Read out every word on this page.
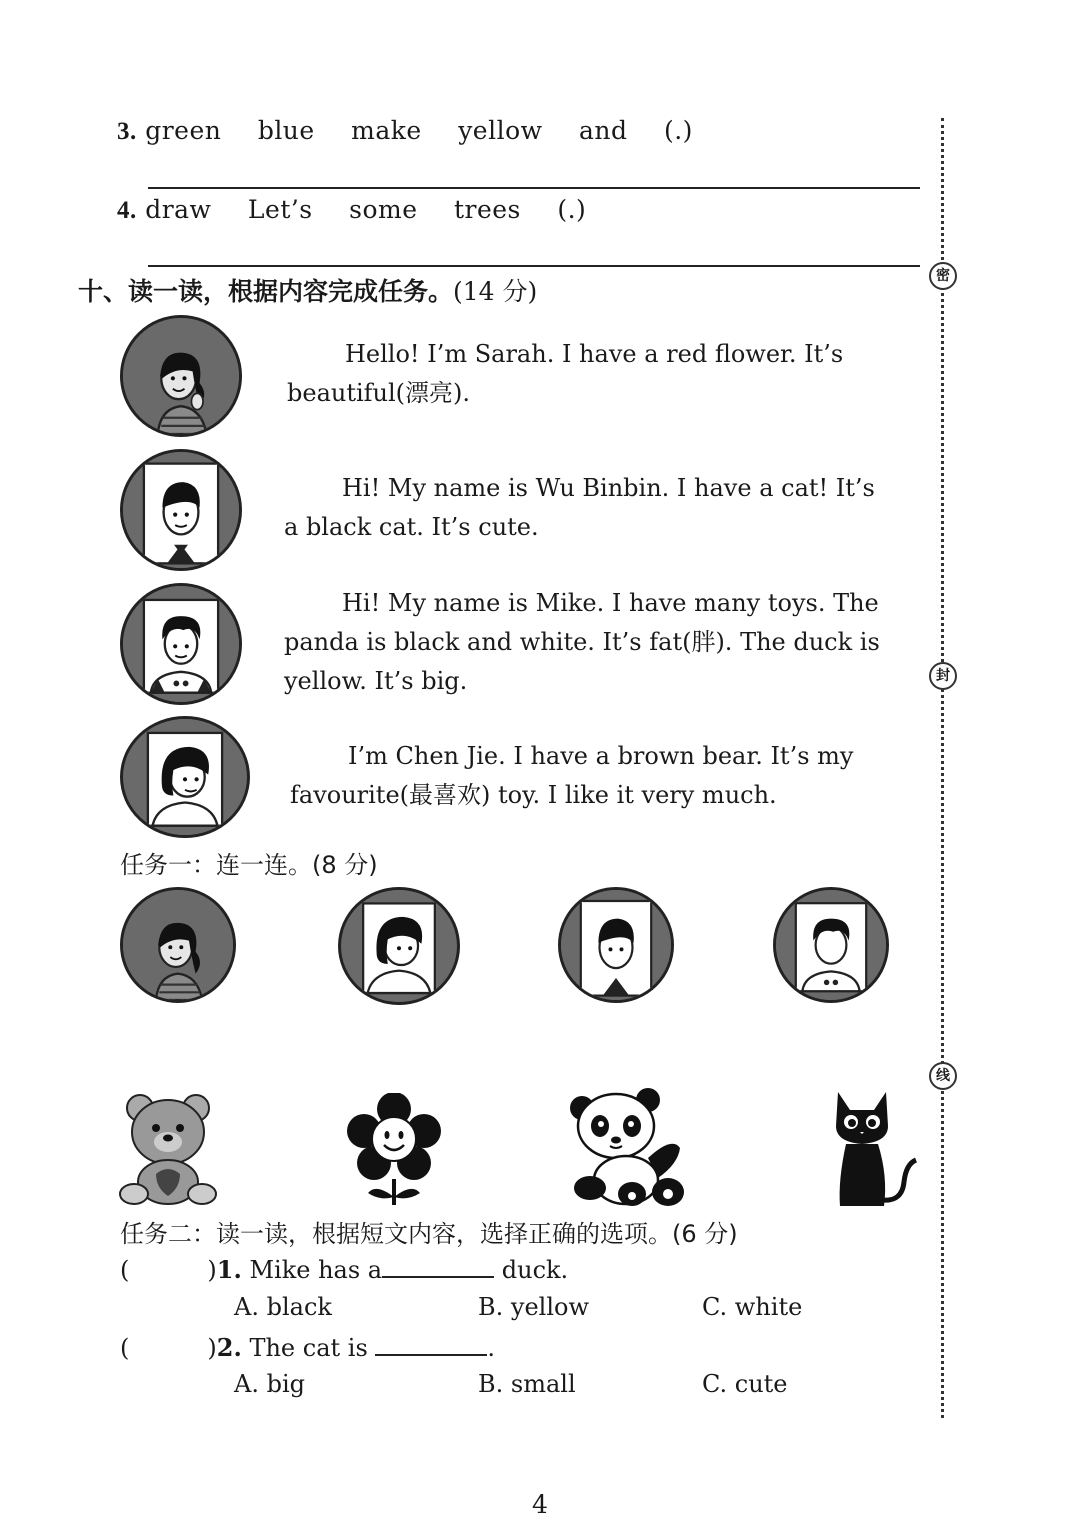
3. green blue make yellow and (.)
4. draw Let’s some trees (.)
十、读一读，根据内容完成任务。(14 分)
Hello! I’m Sarah. I have a red flower. It’s beautiful(漂亮).
Hi! My name is Wu Binbin. I have a cat! It’s a black cat. It’s cute.
Hi! My name is Mike. I have many toys. The panda is black and white. It’s fat(胖). The duck is yellow. It’s big.
I’m Chen Jie. I have a brown bear. It’s my favourite(最喜欢) toy. I like it very much.
任务一：连一连。(8 分)
任务二：读一读，根据短文内容，选择正确的选项。(6 分)
(	)1. Mike has a	duck.
A. black	B. yellow	C. white
(	)2. The cat is	.
A. big	B. small	C. cute
密
封
线
4
